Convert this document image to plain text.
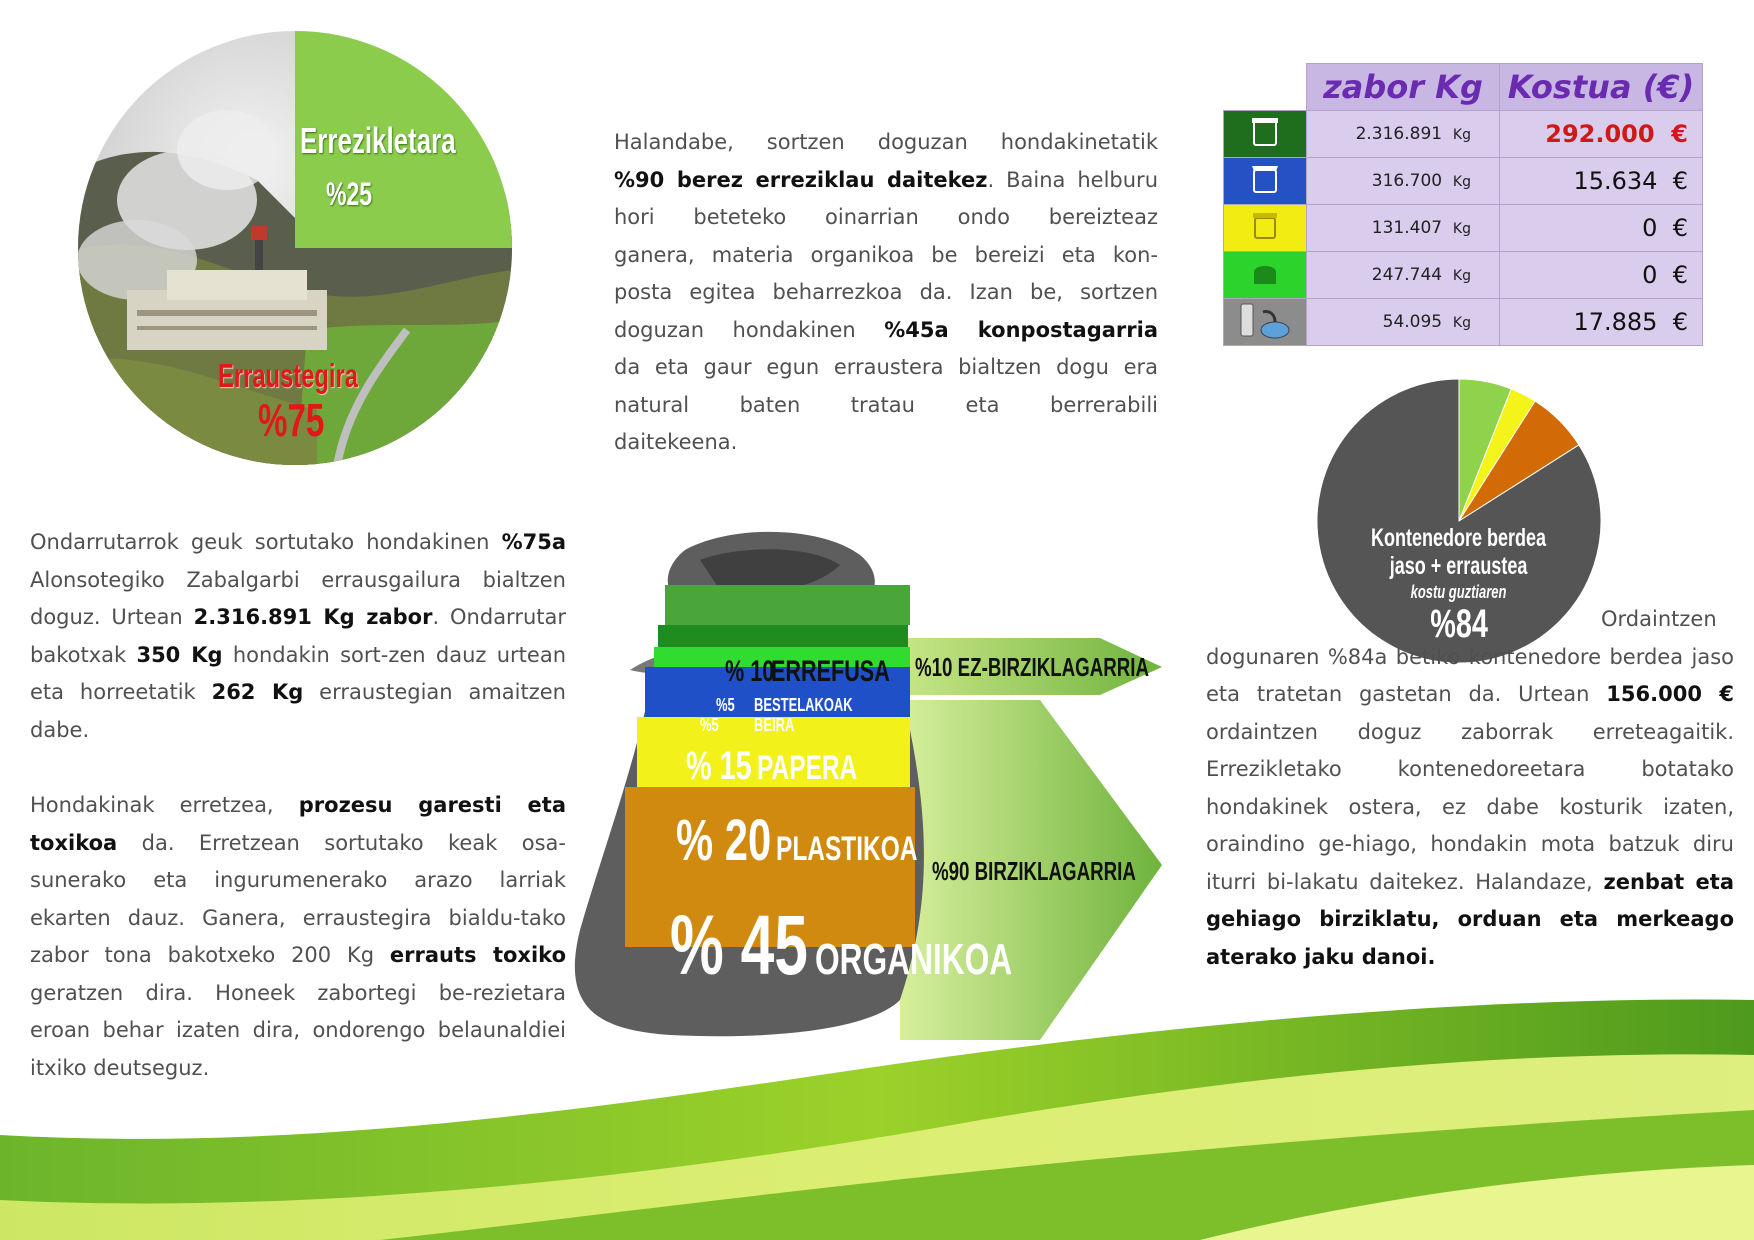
Errezikletara
%25
Erraustegira
%75
Halandabe, sortzen doguzan hondakinetatik
%90 berez erreziklau daitekez. Baina helburu
hori beteteko oinarrian ondo bereizteaz
ganera, materia organikoa be bereizi eta kon-
posta egitea beharrezkoa da. Izan be, sortzen
doguzan hondakinen %45a konpostagarria
da eta gaur egun erraustera bialtzen dogu era
natural baten tratau eta berrerabili
daitekeena.
	zabor Kg	Kostua (€)
	2.316.891 Kg	292.000 €
	316.700 Kg	15.634 €
	131.407 Kg	0 €
	247.744 Kg	0 €
	54.095 Kg	17.885 €
Kontenedore berdea
jaso + erraustea
kostu guztiaren
%84
Ondarrutarrok geuk sortutako hondakinen %75a Alonsotegiko Zabalgarbi errausgailura bialtzen doguz. Urtean 2.316.891 Kg zabor. Ondarrutar bakotxak 350 Kg hondakin sort-zen dauz urtean eta horreetatik 262 Kg erraustegian amaitzen dabe.
Hondakinak erretzea, prozesu garesti eta toxikoa da. Erretzean sortutako keak osa-sunerako eta ingurumenerako arazo larriak ekarten dauz. Ganera, erraustegira bialdu-tako zabor tona bakotxeko 200 Kg errauts toxiko geratzen dira. Honeek zabortegi be-rezietara eroan behar izaten dira, ondorengo belaunaldiei itxiko deutseguz.
% 10ERREFUSA
%5 BESTELAKOAK
%5 BEIRA
% 15 PAPERA
% 20 PLASTIKOA
% 45 ORGANIKOA
%10 EZ-BIRZIKLAGARRIA
%90 BIRZIKLAGARRIA
Ordaintzen dogunaren %84a betiko kontenedore berdea jaso eta tratetan gastetan da. Urtean 156.000 € ordaintzen doguz zaborrak erreteagaitik. Errezikletako kontenedoreetara botatako hondakinek ostera, ez dabe kosturik izaten, oraindino ge-hiago, hondakin mota batzuk diru iturri bi-lakatu daitekez. Halandaze, zenbat eta gehiago birziklatu, orduan eta merkeago aterako jaku danoi.
